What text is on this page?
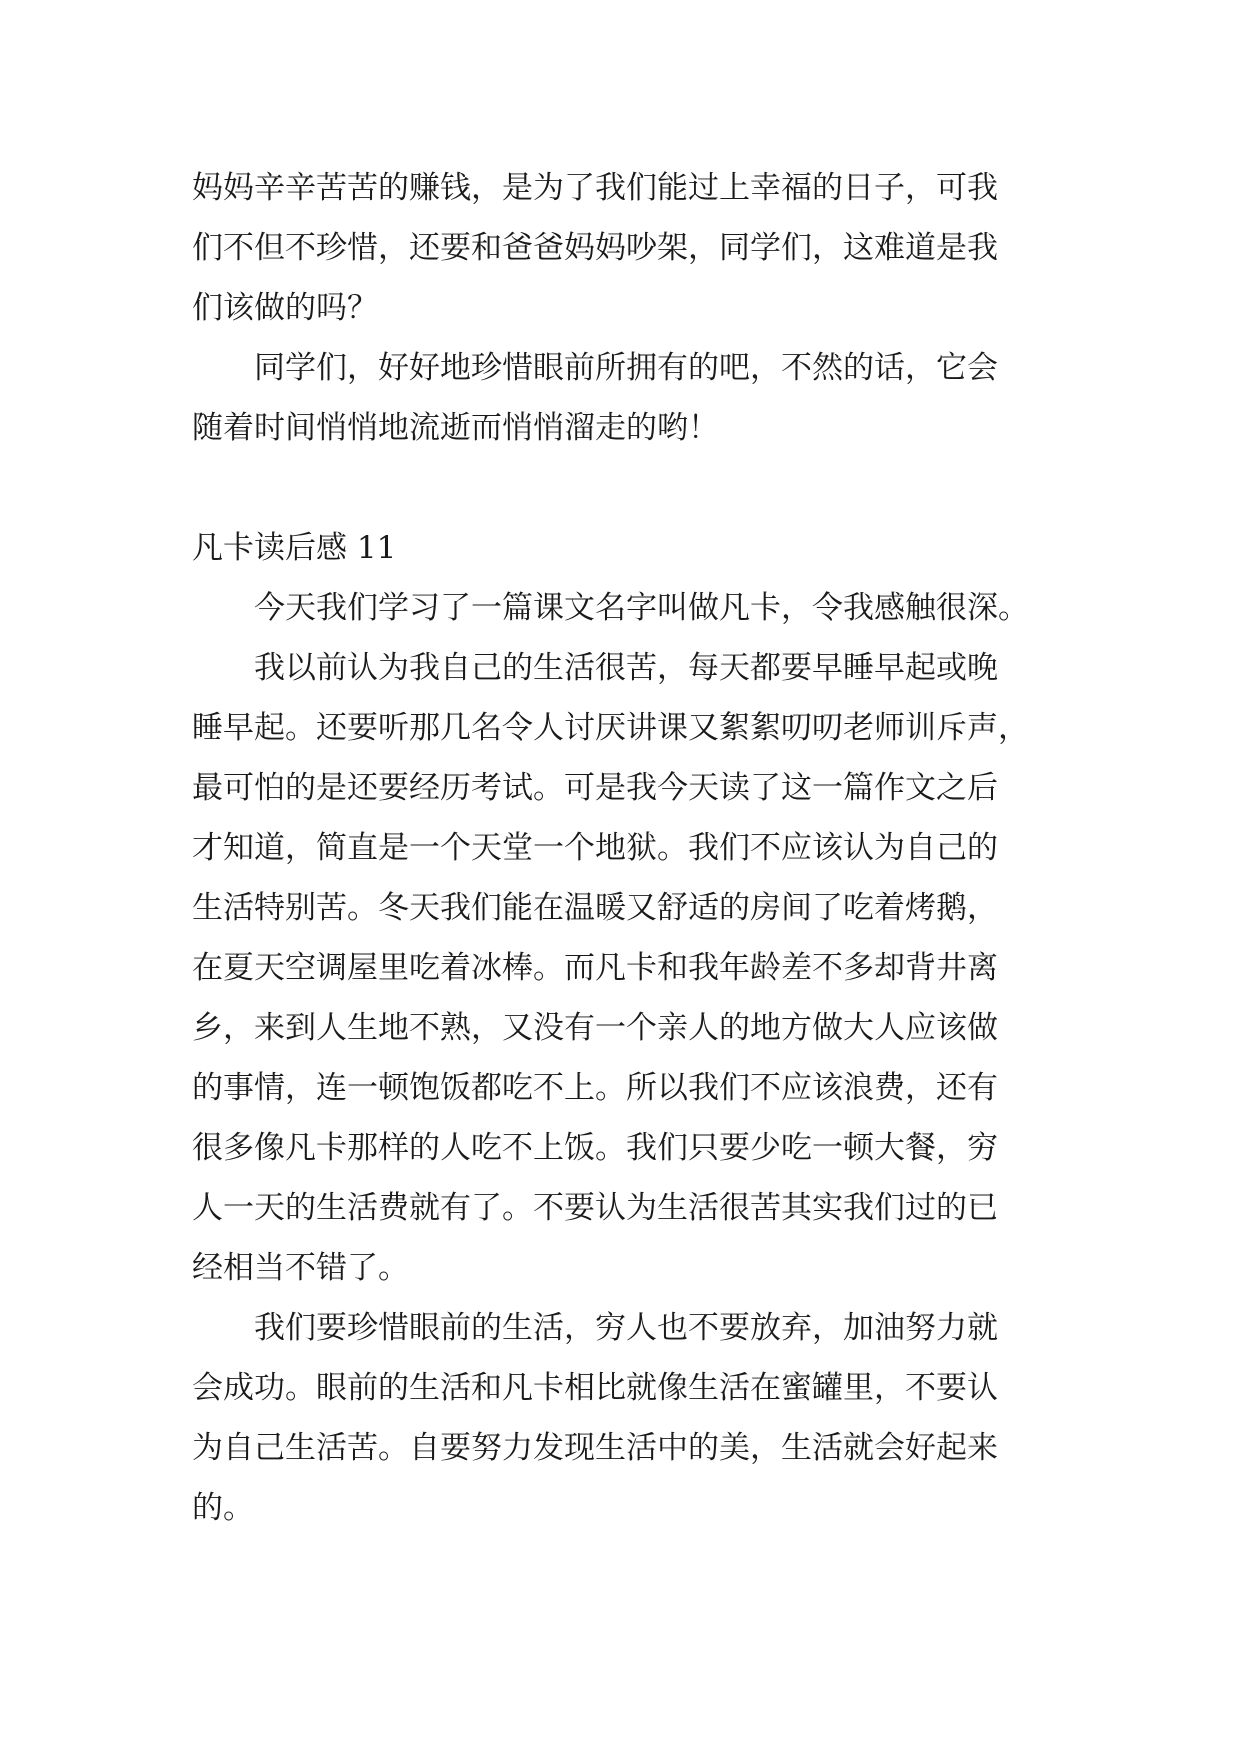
妈妈辛辛苦苦的赚钱，是为了我们能过上幸福的日子，可我
们不但不珍惜，还要和爸爸妈妈吵架，同学们，这难道是我
们该做的吗？
同学们，好好地珍惜眼前所拥有的吧，不然的话，它会
随着时间悄悄地流逝而悄悄溜走的哟！
凡卡读后感 11
今天我们学习了一篇课文名字叫做凡卡，令我感触很深。
我以前认为我自己的生活很苦，每天都要早睡早起或晚
睡早起。还要听那几名令人讨厌讲课又絮絮叨叨老师训斥声，
最可怕的是还要经历考试。可是我今天读了这一篇作文之后
才知道，简直是一个天堂一个地狱。我们不应该认为自己的
生活特别苦。冬天我们能在温暖又舒适的房间了吃着烤鹅，
在夏天空调屋里吃着冰棒。而凡卡和我年龄差不多却背井离
乡，来到人生地不熟，又没有一个亲人的地方做大人应该做
的事情，连一顿饱饭都吃不上。所以我们不应该浪费，还有
很多像凡卡那样的人吃不上饭。我们只要少吃一顿大餐，穷
人一天的生活费就有了。不要认为生活很苦其实我们过的已
经相当不错了。
我们要珍惜眼前的生活，穷人也不要放弃，加油努力就
会成功。眼前的生活和凡卡相比就像生活在蜜罐里，不要认
为自己生活苦。自要努力发现生活中的美，生活就会好起来
的。
